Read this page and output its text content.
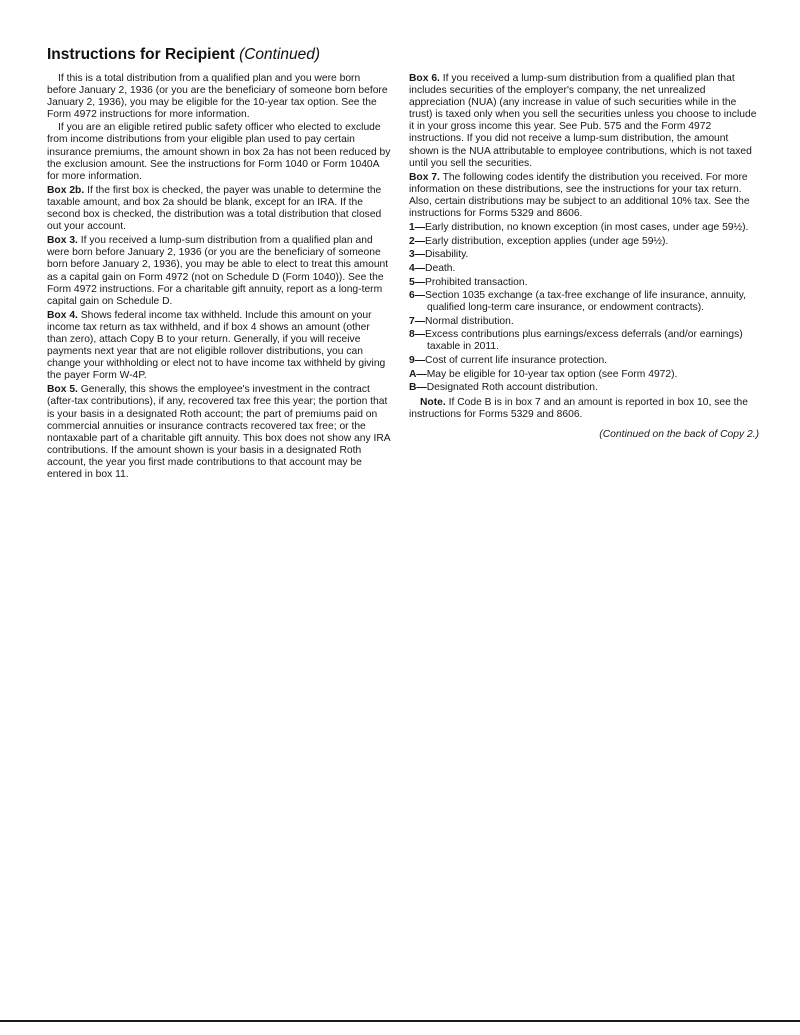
Instructions for Recipient (Continued)

If this is a total distribution from a qualified plan and you were born before January 2, 1936 (or you are the beneficiary of someone born before January 2, 1936), you may be eligible for the 10-year tax option. See the Form 4972 instructions for more information.

If you are an eligible retired public safety officer who elected to exclude from income distributions from your eligible plan used to pay certain insurance premiums, the amount shown in box 2a has not been reduced by the exclusion amount. See the instructions for Form 1040 or Form 1040A for more information.

Box 2b. If the first box is checked, the payer was unable to determine the taxable amount, and box 2a should be blank, except for an IRA. If the second box is checked, the distribution was a total distribution that closed out your account.

Box 3. If you received a lump-sum distribution from a qualified plan and were born before January 2, 1936 (or you are the beneficiary of someone born before January 2, 1936), you may be able to elect to treat this amount as a capital gain on Form 4972 (not on Schedule D (Form 1040)). See the Form 4972 instructions. For a charitable gift annuity, report as a long-term capital gain on Schedule D.

Box 4. Shows federal income tax withheld. Include this amount on your income tax return as tax withheld, and if box 4 shows an amount (other than zero), attach Copy B to your return. Generally, if you will receive payments next year that are not eligible rollover distributions, you can change your withholding or elect not to have income tax withheld by giving the payer Form W-4P.

Box 5. Generally, this shows the employee's investment in the contract (after-tax contributions), if any, recovered tax free this year; the portion that is your basis in a designated Roth account; the part of premiums paid on commercial annuities or insurance contracts recovered tax free; or the nontaxable part of a charitable gift annuity. This box does not show any IRA contributions. If the amount shown is your basis in a designated Roth account, the year you first made contributions to that account may be entered in box 11.

Box 6. If you received a lump-sum distribution from a qualified plan that includes securities of the employer's company, the net unrealized appreciation (NUA) (any increase in value of such securities while in the trust) is taxed only when you sell the securities unless you choose to include it in your gross income this year. See Pub. 575 and the Form 4972 instructions. If you did not receive a lump-sum distribution, the amount shown is the NUA attributable to employee contributions, which is not taxed until you sell the securities.

Box 7. The following codes identify the distribution you received. For more information on these distributions, see the instructions for your tax return. Also, certain distributions may be subject to an additional 10% tax. See the instructions for Forms 5329 and 8606.

1—Early distribution, no known exception (in most cases, under age 59½).
2—Early distribution, exception applies (under age 59½).
3—Disability.
4—Death.
5—Prohibited transaction.
6—Section 1035 exchange (a tax-free exchange of life insurance, annuity, qualified long-term care insurance, or endowment contracts).
7—Normal distribution.
8—Excess contributions plus earnings/excess deferrals (and/or earnings) taxable in 2011.
9—Cost of current life insurance protection.
A—May be eligible for 10-year tax option (see Form 4972).
B—Designated Roth account distribution.

Note. If Code B is in box 7 and an amount is reported in box 10, see the instructions for Forms 5329 and 8606.

(Continued on the back of Copy 2.)
